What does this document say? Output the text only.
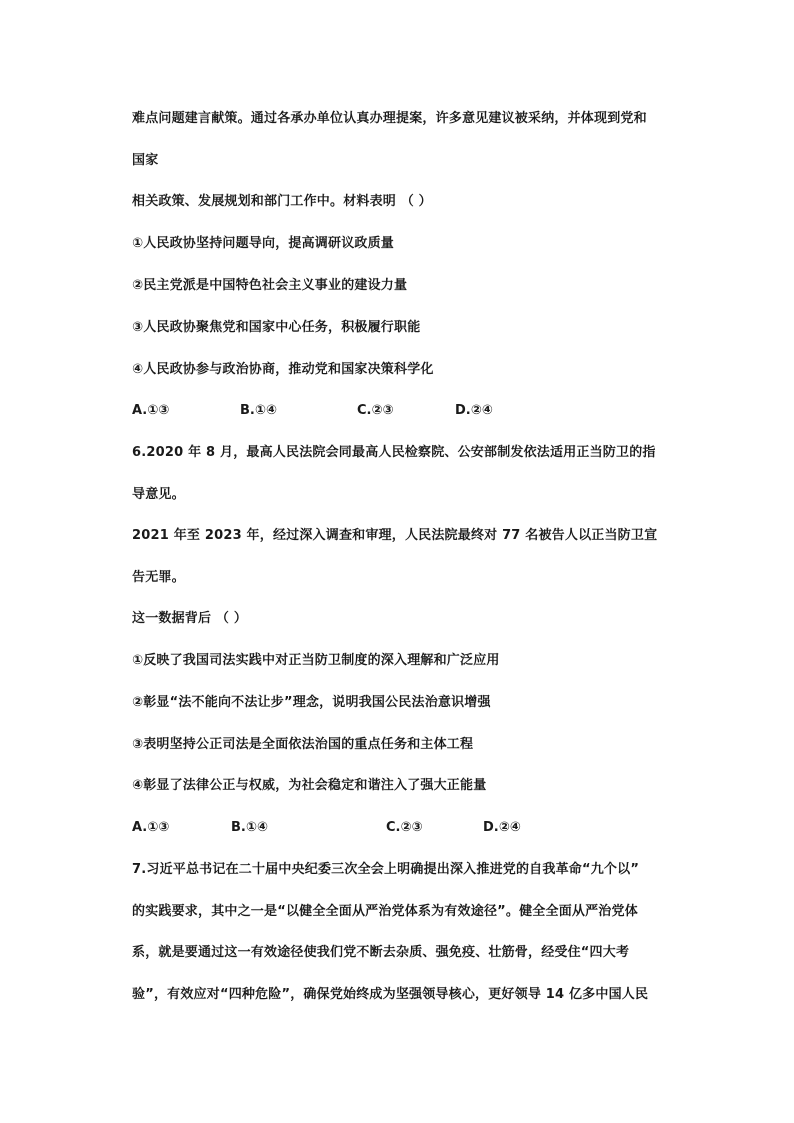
难点问题建言献策。通过各承办单位认真办理提案，许多意见建议被采纳，并体现到党和
国家
相关政策、发展规划和部门工作中。材料表明 （ ）
①人民政协坚持问题导向，提高调研议政质量
②民主党派是中国特色社会主义事业的建设力量
③人民政协聚焦党和国家中心任务，积极履行职能
④人民政协参与政治协商，推动党和国家决策科学化
A.①③	B.①④	C.②③	D.②④
6.2020 年 8 月，最高人民法院会同最高人民检察院、公安部制发依法适用正当防卫的指
导意见。
2021 年至 2023 年，经过深入调查和审理，人民法院最终对 77 名被告人以正当防卫宣
告无罪。
这一数据背后 （ ）
①反映了我国司法实践中对正当防卫制度的深入理解和广泛应用
②彰显“法不能向不法让步”理念，说明我国公民法治意识增强
③表明坚持公正司法是全面依法治国的重点任务和主体工程
④彰显了法律公正与权威，为社会稳定和谐注入了强大正能量
A.①③	B.①④	C.②③	D.②④
7.习近平总书记在二十届中央纪委三次全会上明确提出深入推进党的自我革命“九个以”
的实践要求，其中之一是“以健全全面从严治党体系为有效途径”。健全全面从严治党体
系，就是要通过这一有效途径使我们党不断去杂质、强免疫、壮筋骨，经受住“四大考
验”，有效应对“四种危险”，确保党始终成为坚强领导核心，更好领导 14 亿多中国人民
